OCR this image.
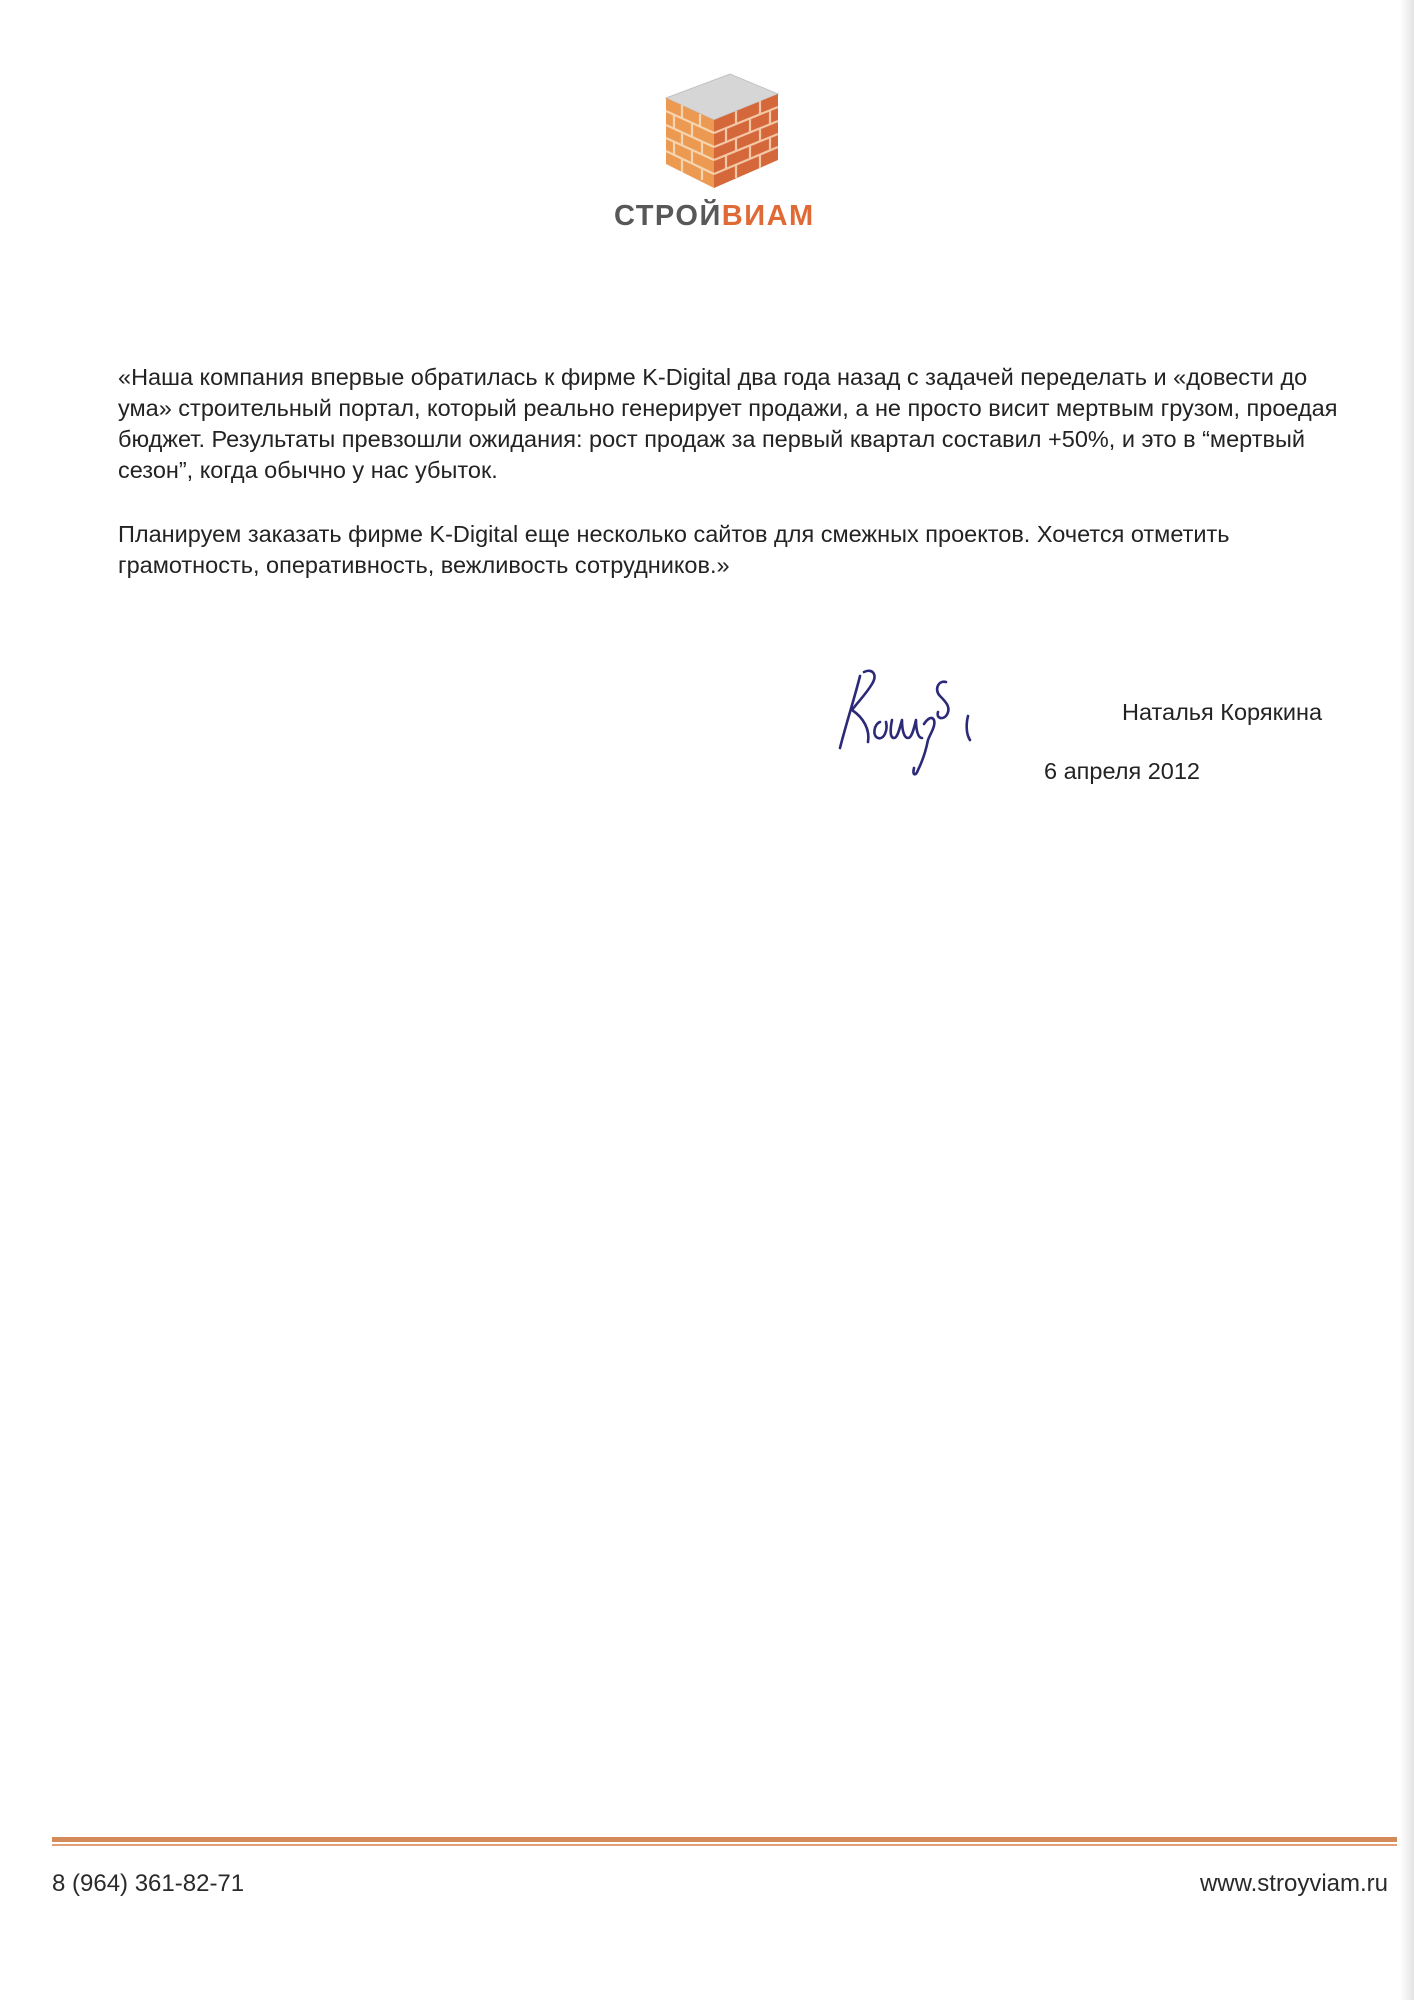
СТРОЙВИАМ

«Наша компания впервые обратилась к фирме K-Digital два года назад с задачей переделать и «довести до ума» строительный портал, который реально генерирует продажи, а не просто висит мертвым грузом, проедая бюджет. Результаты превзошли ожидания: рост продаж за первый квартал составил +50%, и это в “мертвый сезон”, когда обычно у нас убыток.

Планируем заказать фирме K-Digital еще несколько сайтов для смежных проектов. Хочется отметить грамотность, оперативность, вежливость сотрудников.»

Наталья Корякина
6 апреля 2012
8 (964) 361-82-71	www.stroyviam.ru
